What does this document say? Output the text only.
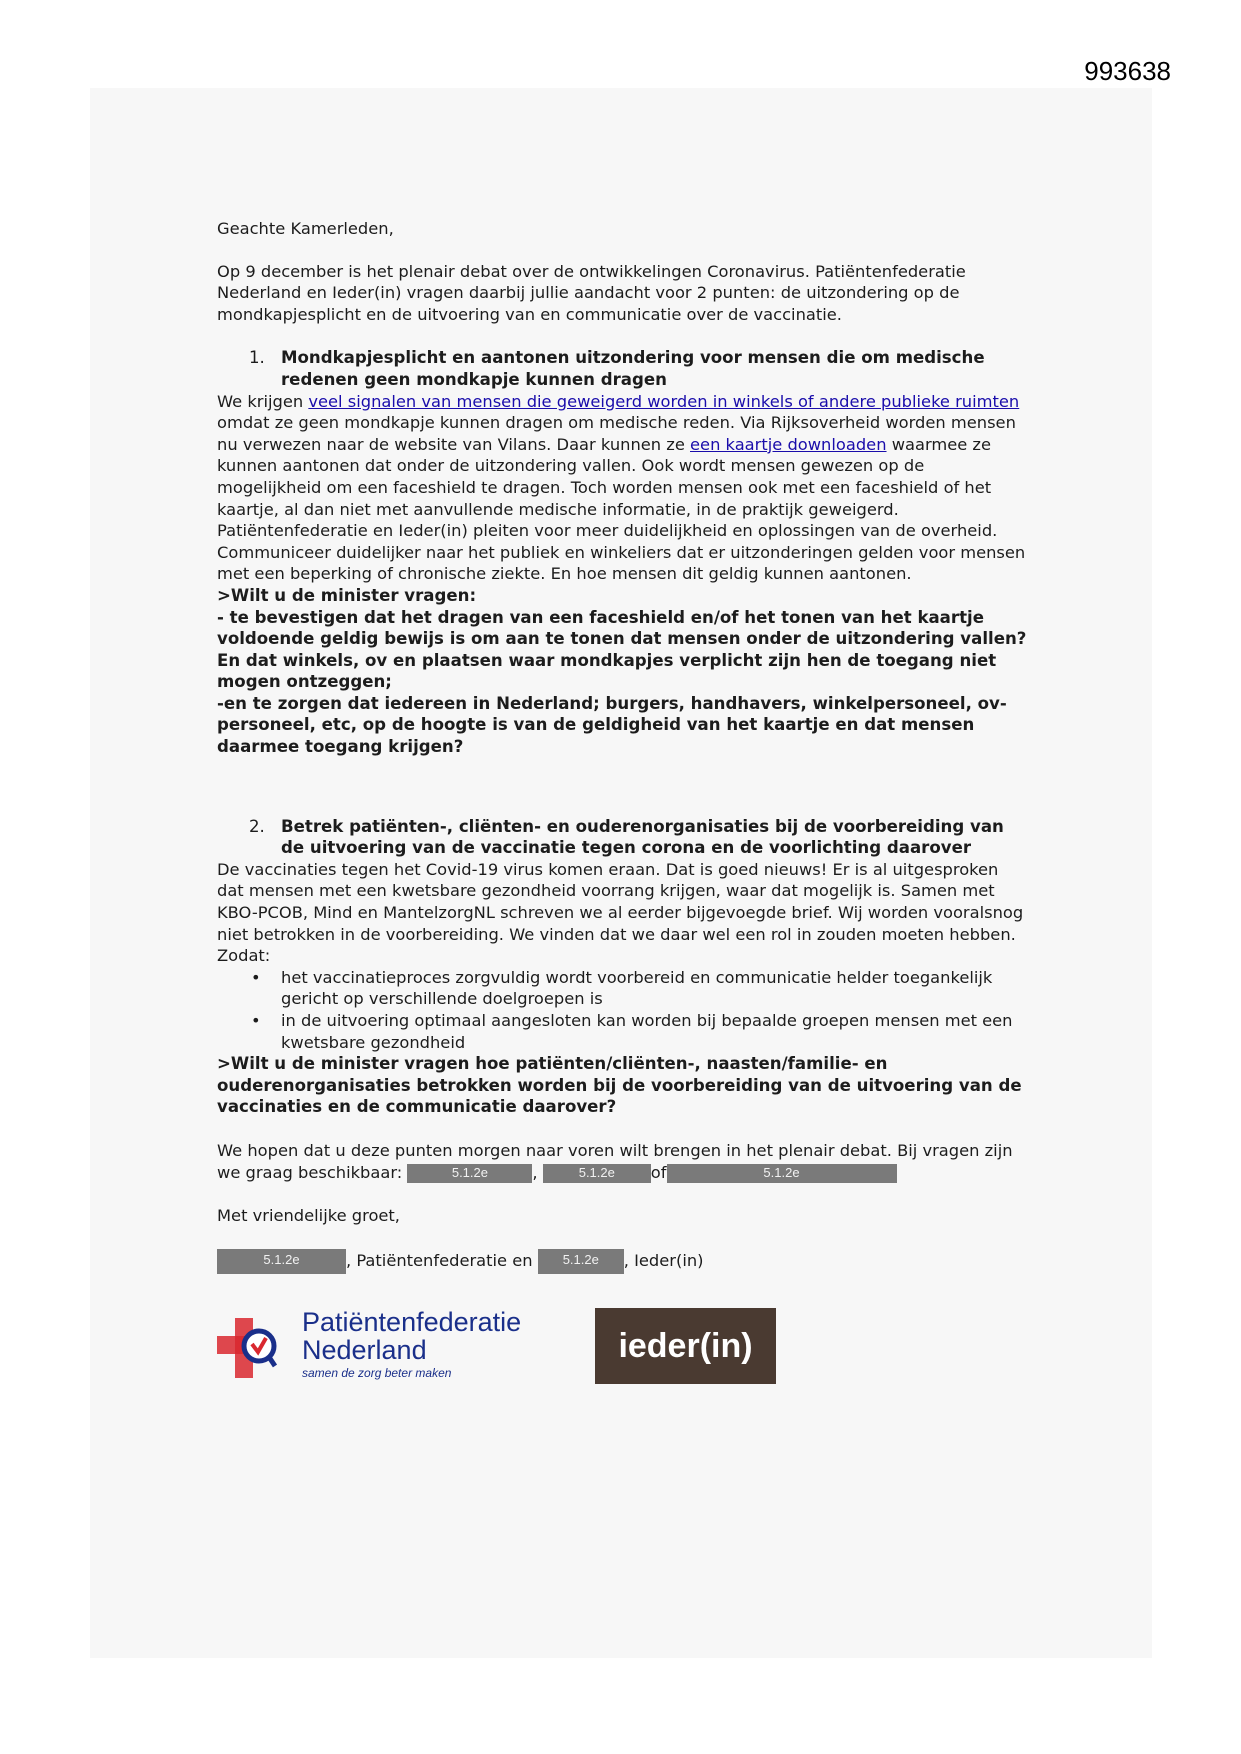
993638

Geachte Kamerleden,

Op 9 december is het plenair debat over de ontwikkelingen Coronavirus. Patiëntenfederatie Nederland en Ieder(in) vragen daarbij jullie aandacht voor 2 punten: de uitzondering op de mondkapjesplicht en de uitvoering van en communicatie over de vaccinatie.

1. Mondkapjesplicht en aantonen uitzondering voor mensen die om medische redenen geen mondkapje kunnen dragen

We krijgen veel signalen van mensen die geweigerd worden in winkels of andere publieke ruimten omdat ze geen mondkapje kunnen dragen om medische reden. Via Rijksoverheid worden mensen nu verwezen naar de website van Vilans. Daar kunnen ze een kaartje downloaden waarmee ze kunnen aantonen dat onder de uitzondering vallen. Ook wordt mensen gewezen op de mogelijkheid om een faceshield te dragen. Toch worden mensen ook met een faceshield of het kaartje, al dan niet met aanvullende medische informatie, in de praktijk geweigerd.

Patiëntenfederatie en Ieder(in) pleiten voor meer duidelijkheid en oplossingen van de overheid. Communiceer duidelijker naar het publiek en winkeliers dat er uitzonderingen gelden voor mensen met een beperking of chronische ziekte. En hoe mensen dit geldig kunnen aantonen.

>Wilt u de minister vragen:

- te bevestigen dat het dragen van een faceshield en/of het tonen van het kaartje voldoende geldig bewijs is om aan te tonen dat mensen onder de uitzondering vallen? En dat winkels, ov en plaatsen waar mondkapjes verplicht zijn hen de toegang niet mogen ontzeggen;

-en te zorgen dat iedereen in Nederland; burgers, handhavers, winkelpersoneel, ov-personeel, etc, op de hoogte is van de geldigheid van het kaartje en dat mensen daarmee toegang krijgen?

2. Betrek patiënten-, cliënten- en ouderenorganisaties bij de voorbereiding van de uitvoering van de vaccinatie tegen corona en de voorlichting daarover

De vaccinaties tegen het Covid-19 virus komen eraan. Dat is goed nieuws! Er is al uitgesproken dat mensen met een kwetsbare gezondheid voorrang krijgen, waar dat mogelijk is. Samen met KBO-PCOB, Mind en MantelzorgNL schreven we al eerder bijgevoegde brief. Wij worden vooralsnog niet betrokken in de voorbereiding. We vinden dat we daar wel een rol in zouden moeten hebben. Zodat:

• het vaccinatieproces zorgvuldig wordt voorbereid en communicatie helder toegankelijk gericht op verschillende doelgroepen is
• in de uitvoering optimaal aangesloten kan worden bij bepaalde groepen mensen met een kwetsbare gezondheid

>Wilt u de minister vragen hoe patiënten/cliënten-, naasten/familie- en ouderenorganisaties betrokken worden bij de voorbereiding van de uitvoering van de vaccinaties en de communicatie daarover?

We hopen dat u deze punten morgen naar voren wilt brengen in het plenair debat. Bij vragen zijn we graag beschikbaar:	5.1.2e	,	5.1.2e of	5.1.2e

Met vriendelijke groet,

5.1.2e	, Patiëntenfederatie en 5.1.2e , Ieder(in)

Patiëntenfederatie
Nederland
samen de zorg beter maken
ieder(in)
